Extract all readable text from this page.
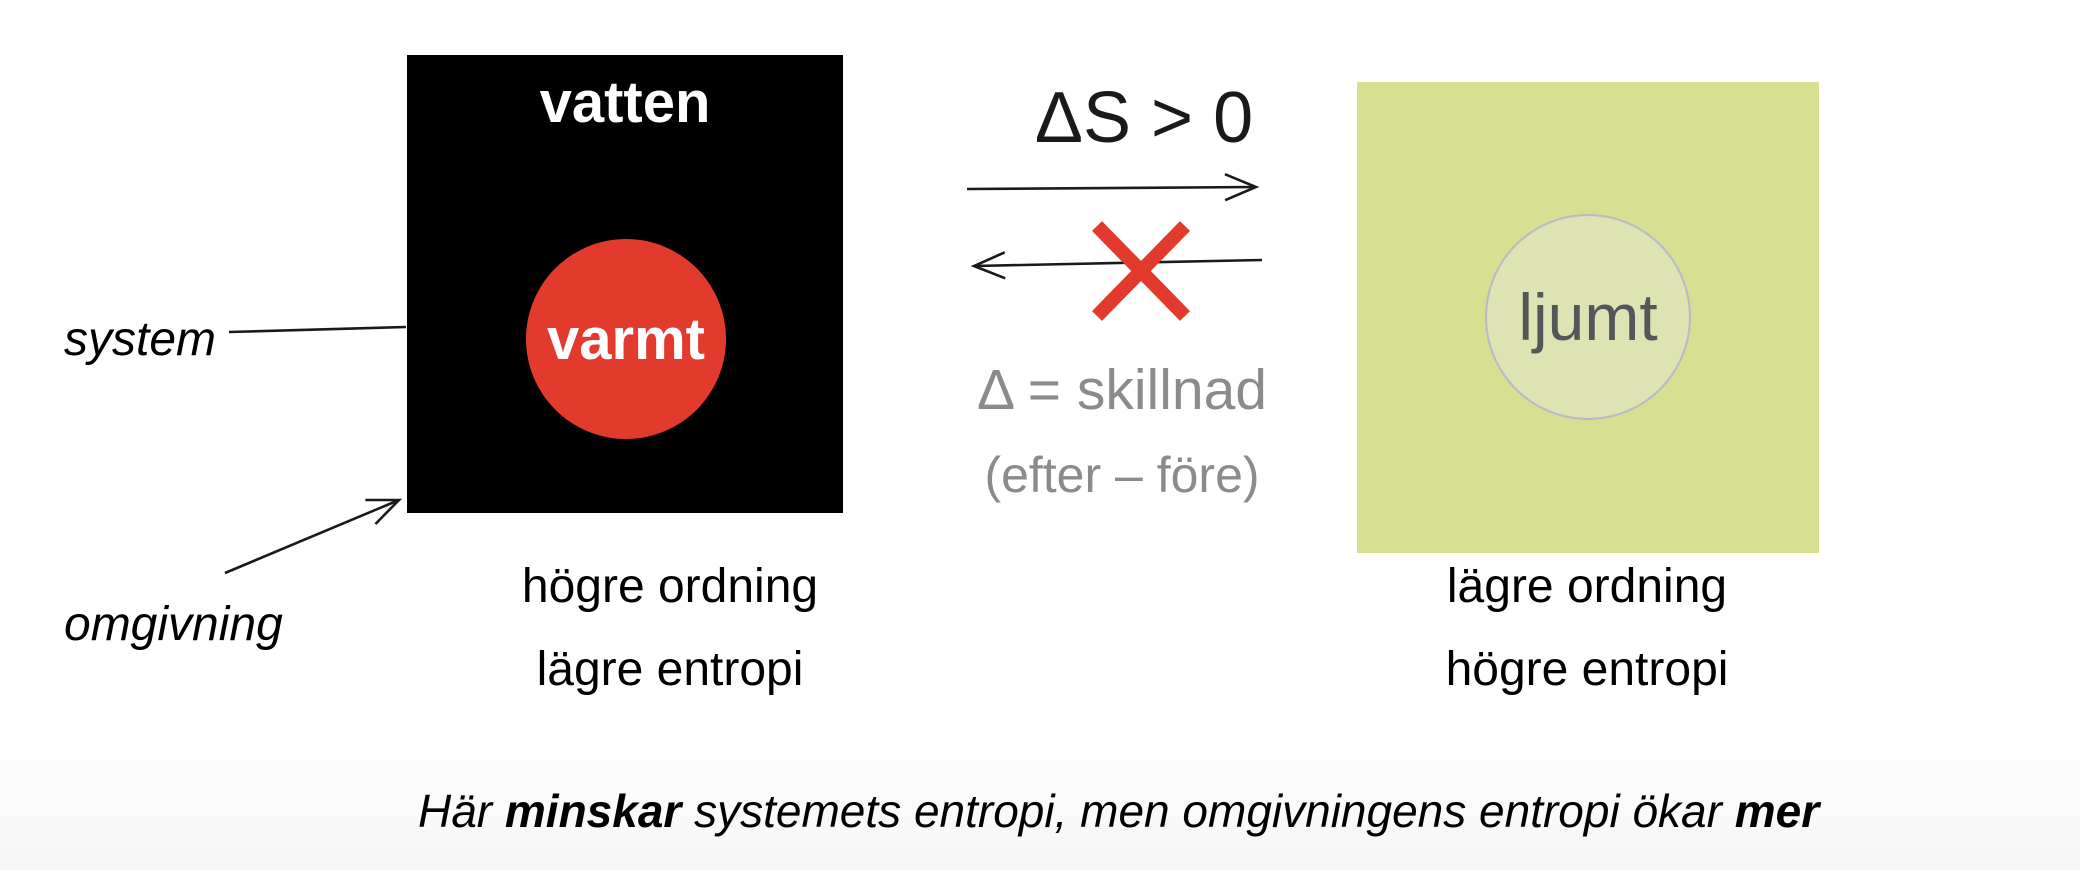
vatten
varmt	ljumt
system
omgivning
ΔS > 0
Δ = skillnad
(efter – före)
högre ordning
lägre entropi
lägre ordning
högre entropi
Här minskar systemets entropi, men omgivningens entropi ökar mer
